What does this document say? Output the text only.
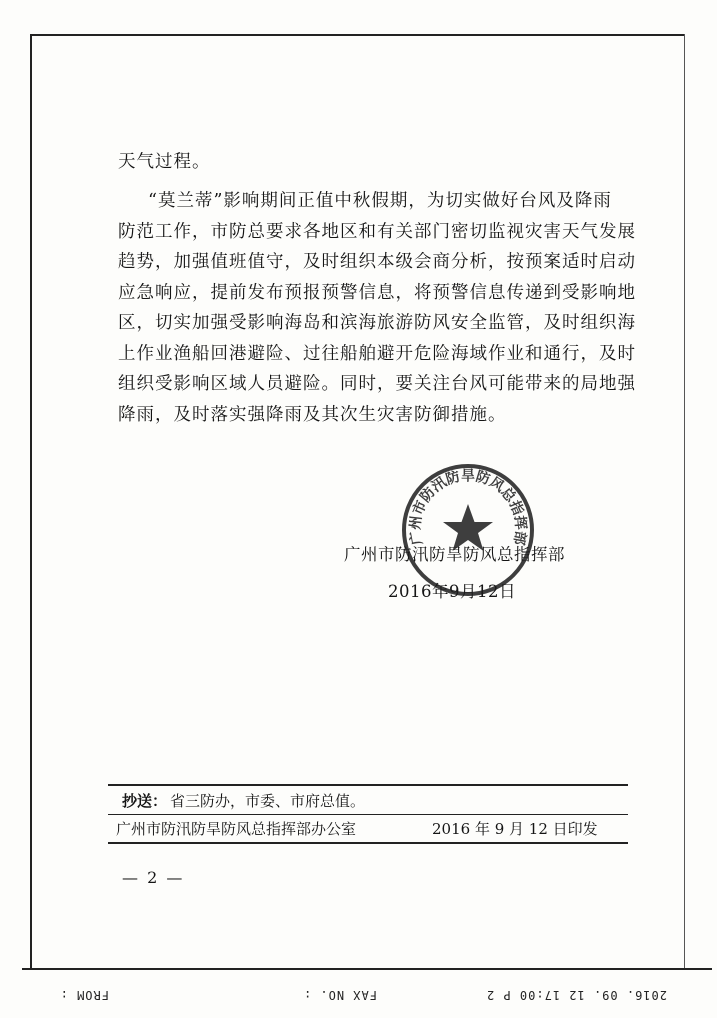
天气过程。
“莫兰蒂”影响期间正值中秋假期，为切实做好台风及降雨
防范工作，市防总要求各地区和有关部门密切监视灾害天气发展
趋势，加强值班值守，及时组织本级会商分析，按预案适时启动
应急响应，提前发布预报预警信息，将预警信息传递到受影响地
区，切实加强受影响海岛和滨海旅游防风安全监管，及时组织海
上作业渔船回港避险、过往船舶避开危险海域作业和通行，及时
组织受影响区域人员避险。同时，要关注台风可能带来的局地强
降雨，及时落实强降雨及其次生灾害防御措施。
广州市防汛防旱防风总指挥部
广州市防汛防旱防风总指挥部
2016年9月12日
抄送： 省三防办，市委、市府总值。
广州市防汛防旱防风总指挥部办公室	2016 年 9 月 12 日印发
— 2 —
2016. 09. 12 17:00 P 2
FAX NO. :
FROM :
